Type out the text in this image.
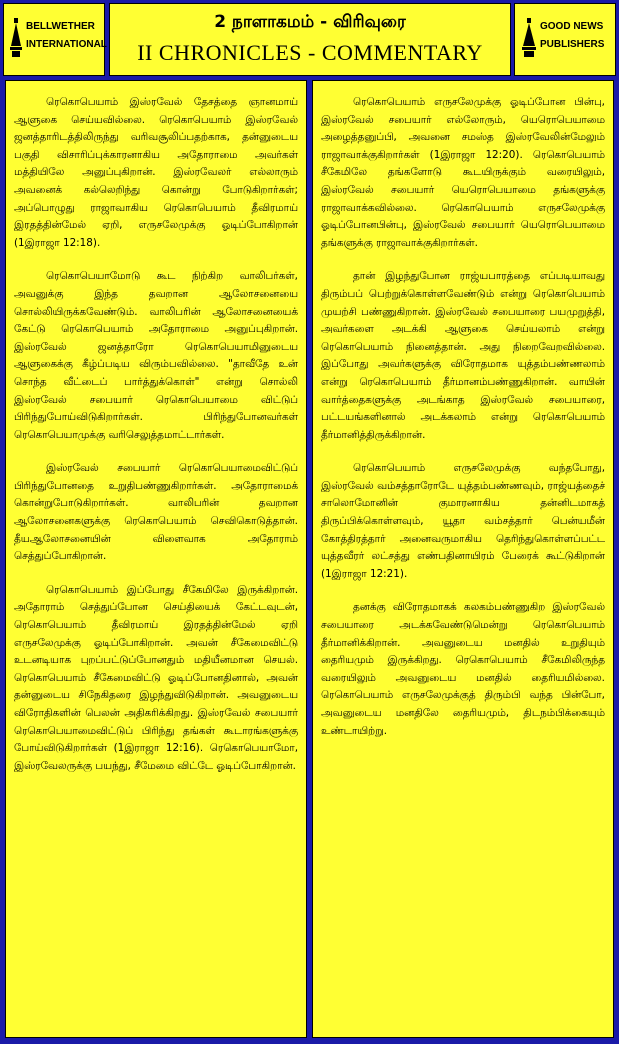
BELLWETHER
INTERNATIONAL
2 நாளாகமம் - விரிவுரை
II CHRONICLES - COMMENTARY
GOOD NEWS
PUBLISHERS

ரெகொபெயாம் இஸ்ரவேல் தேசத்தை ஞானமாய் ஆளுகை செய்யவில்லை. ரெகொபெயாம் இஸ்ரவேல் ஜனத்தாரிடத்திலிருந்து வரிவசூலிப்பதற்காக, தன்னுடைய பகுதி விசாரிப்புக்காரனாகிய அதோராமை அவர்கள் மத்தியிலே அனுப்புகிறான். இஸ்ரவேலர் எல்லாரும் அவனைக் கல்லெறிந்து கொன்று போடுகிறார்கள்; அப்பொழுது ராஜாவாகிய ரெகொபெயாம் தீவிரமாய் இரதத்தின்மேல் ஏறி, எருசலேமுக்கு ஓடிப்போகிறான் (1இராஜா 12:18).

ரெகொபெயாமோடு கூட நிற்கிற வாலிபர்கள், அவனுக்கு இந்த தவறான ஆலோசனையை சொல்லியிருக்கவேண்டும். வாலிபரின் ஆலோசனையைக் கேட்டு ரெகொபெயாம் அதோராமை அனுப்புகிறான். இஸ்ரவேல் ஜனத்தாரோ ரெகொபெயாமினுடைய ஆளுகைக்கு கீழ்ப்படிய விரும்பவில்லை. "தாவீதே உன் சொந்த வீட்டைப் பார்த்துக்கொள்" என்று சொல்லி இஸ்ரவேல் சபையார் ரெகொபெயாமை விட்டுப் பிரிந்துபோய்விடுகிறார்கள். பிரிந்துபோனவர்கள் ரெகொபெயாமுக்கு வரிசெலுத்தமாட்டார்கள்.

இஸ்ரவேல் சபையார் ரெகொபெயாமைவிட்டுப் பிரிந்துபோனதை உறுதிபண்ணுகிறார்கள். அதோராமைக் கொன்றுபோடுகிறார்கள். வாலிபரின் தவறான ஆலோசனைகளுக்கு ரெகொபெயாம் செவிகொடுத்தான். தீயஆலோசனையின் விளைவாக அதோராம் செத்துப்போகிறான்.

ரெகொபெயாம் இப்போது சீகேமிலே இருக்கிறான். அதோராம் செத்துப்போன செய்தியைக் கேட்டவுடன், ரெகொபெயாம் தீவிரமாய் இரதத்தின்மேல் ஏறி எருசலேமுக்கு ஓடிப்போகிறான். அவன் சீகேமைவிட்டு உடனடியாக புறப்பட்டுப்போனதும் மதியீனமான செயல். ரெகொபெயாம் சீகேமைவிட்டு ஓடிப்போனதினால், அவன் தன்னுடைய சிநேகிதரை இழந்துவிடுகிறான். அவனுடைய விரோதிகளின் பெலன் அதிகரிக்கிறது. இஸ்ரவேல் சபையார் ரெகொபெயாமைவிட்டுப் பிரிந்து தங்கள் கூடாரங்களுக்கு போய்விடுகிறார்கள் (1இராஜா 12:16). ரெகொபெயாமோ, இஸ்ரவேலருக்கு பயந்து, சீமேமை விட்டே ஓடிப்போகிறான்.

ரெகொபெயாம் எருசலேமுக்கு ஓடிப்போன பின்பு, இஸ்ரவேல் சபையார் எல்லோரும், யெரொபெயாமை அழைத்தனுப்பி, அவனை சமஸ்த இஸ்ரவேலின்மேலும் ராஜாவாக்குகிறார்கள் (1இராஜா 12:20). ரெகொபெயாம் சீகேமிலே தங்களோடு கூடயிருக்கும் வரையிலும், இஸ்ரவேல் சபையார் யெரொபெயாமை தங்களுக்கு ராஜாவாக்கவில்லை. ரெகொபெயாம் எருசலேமுக்கு ஓடிப்போனபின்பு, இஸ்ரவேல் சபையார் யெரொபெயாமை தங்களுக்கு ராஜாவாக்குகிறார்கள்.

தான் இழந்துபோன ராஜ்யபாரத்தை எப்படியாவது திரும்பப் பெற்றுக்கொள்ளவேண்டும் என்று ரெகொபெயாம் முயற்சி பண்ணுகிறான். இஸ்ரவேல் சபையாரை பயமுறுத்தி, அவர்களை அடக்கி ஆளுகை செய்யலாம் என்று ரெகொபெயாம் நினைத்தான். அது நிறைவேறவில்லை. இப்போது அவர்களுக்கு விரோதமாக யுத்தம்பண்ணலாம் என்று ரெகொபெயாம் தீர்மானம்பண்ணுகிறான். வாயின் வார்த்தைகளுக்கு அடங்காத இஸ்ரவேல் சபையாரை, பட்டயங்களினால் அடக்கலாம் என்று ரெகொபெயாம் தீர்மானித்திருக்கிறான்.

ரெகொபெயாம் எருசலேமுக்கு வந்தபோது, இஸ்ரவேல் வம்சத்தாரோடே யுத்தம்பண்ணவும், ராஜ்யத்தைச் சாலொமோனின் குமாரனாகிய தன்னிடமாகத் திருப்பிக்கொள்ளவும், யூதா வம்சத்தார் பென்யமீன் கோத்திரத்தார் அனைவருமாகிய தெரிந்துகொள்ளப்பட்ட யுத்தவீரர் லட்சத்து எண்பதினாயிரம் பேரைக் கூட்டுகிறான் (1இராஜா 12:21).

தனக்கு விரோதமாகக் கலகம்பண்ணுகிற இஸ்ரவேல் சபையாரை அடக்கவேண்டுமென்று ரெகொபெயாம் தீர்மானிக்கிறான். அவனுடைய மனதில் உறுதியும் தைரியமும் இருக்கிறது. ரெகொபெயாம் சீகேமிலிருந்த வரையிலும் அவனுடைய மனதில் தைரியமில்லை. ரெகொபெயாம் எருசலேமுக்குத் திரும்பி வந்த பின்போ, அவனுடைய மனதிலே தைரியமும், திடநம்பிக்கையும் உண்டாயிற்று.
